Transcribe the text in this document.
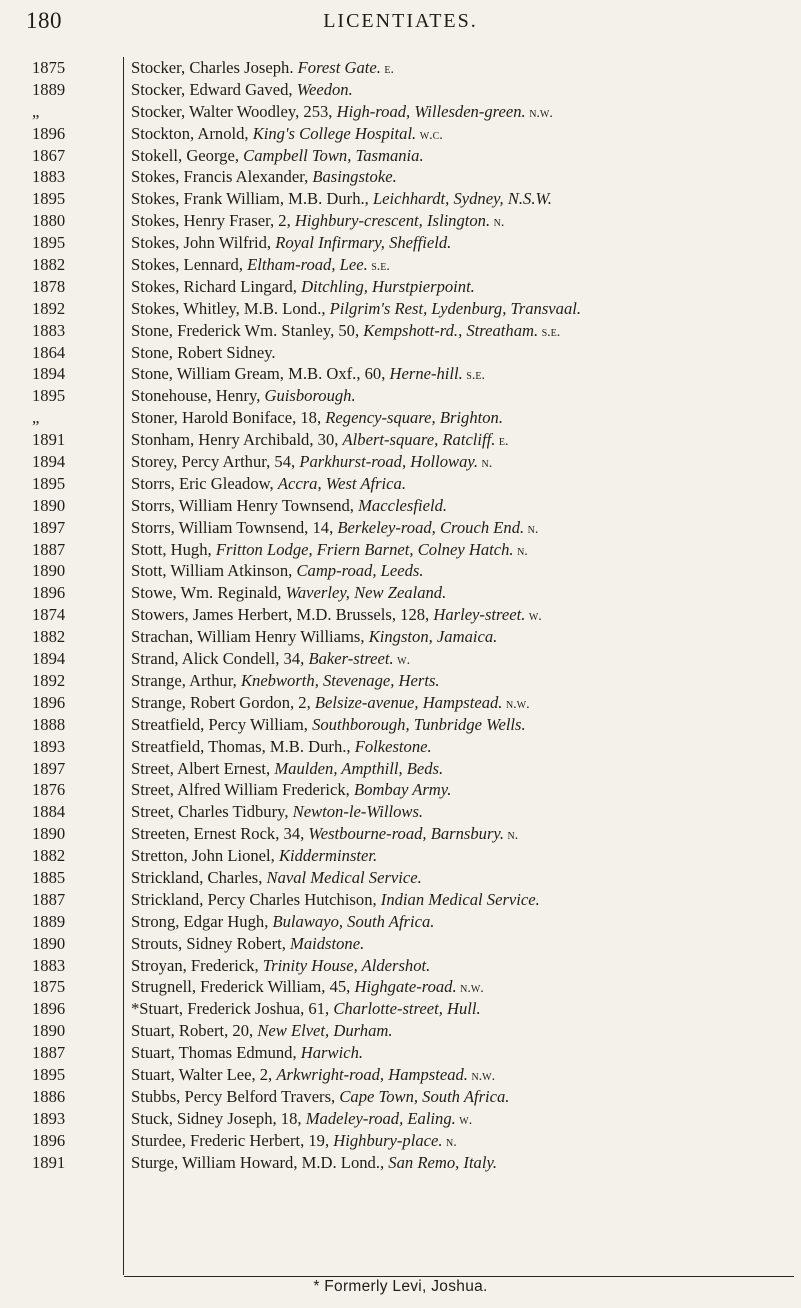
180	LICENTIATES.
1875	Stocker, Charles Joseph. Forest Gate. e.
1889	Stocker, Edward Gaved, Weedon.
„	Stocker, Walter Woodley, 253, High-road, Willesden-green. n.w.
1896	Stockton, Arnold, King's College Hospital. w.c.
1867	Stokell, George, Campbell Town, Tasmania.
1883	Stokes, Francis Alexander, Basingstoke.
1895	Stokes, Frank William, M.B. Durh., Leichhardt, Sydney, N.S.W.
1880	Stokes, Henry Fraser, 2, Highbury-crescent, Islington. n.
1895	Stokes, John Wilfrid, Royal Infirmary, Sheffield.
1882	Stokes, Lennard, Eltham-road, Lee. s.e.
1878	Stokes, Richard Lingard, Ditchling, Hurstpierpoint.
1892	Stokes, Whitley, M.B. Lond., Pilgrim's Rest, Lydenburg, Transvaal.
1883	Stone, Frederick Wm. Stanley, 50, Kempshott-rd., Streatham. s.e.
1864	Stone, Robert Sidney.
1894	Stone, William Gream, M.B. Oxf., 60, Herne-hill. s.e.
1895	Stonehouse, Henry, Guisborough.
„	Stoner, Harold Boniface, 18, Regency-square, Brighton.
1891	Stonham, Henry Archibald, 30, Albert-square, Ratcliff. e.
1894	Storey, Percy Arthur, 54, Parkhurst-road, Holloway. n.
1895	Storrs, Eric Gleadow, Accra, West Africa.
1890	Storrs, William Henry Townsend, Macclesfield.
1897	Storrs, William Townsend, 14, Berkeley-road, Crouch End. n.
1887	Stott, Hugh, Fritton Lodge, Friern Barnet, Colney Hatch. n.
1890	Stott, William Atkinson, Camp-road, Leeds.
1896	Stowe, Wm. Reginald, Waverley, New Zealand.
1874	Stowers, James Herbert, M.D. Brussels, 128, Harley-street. w.
1882	Strachan, William Henry Williams, Kingston, Jamaica.
1894	Strand, Alick Condell, 34, Baker-street. w.
1892	Strange, Arthur, Knebworth, Stevenage, Herts.
1896	Strange, Robert Gordon, 2, Belsize-avenue, Hampstead. n.w.
1888	Streatfield, Percy William, Southborough, Tunbridge Wells.
1893	Streatfield, Thomas, M.B. Durh., Folkestone.
1897	Street, Albert Ernest, Maulden, Ampthill, Beds.
1876	Street, Alfred William Frederick, Bombay Army.
1884	Street, Charles Tidbury, Newton-le-Willows.
1890	Streeten, Ernest Rock, 34, Westbourne-road, Barnsbury. n.
1882	Stretton, John Lionel, Kidderminster.
1885	Strickland, Charles, Naval Medical Service.
1887	Strickland, Percy Charles Hutchison, Indian Medical Service.
1889	Strong, Edgar Hugh, Bulawayo, South Africa.
1890	Strouts, Sidney Robert, Maidstone.
1883	Stroyan, Frederick, Trinity House, Aldershot.
1875	Strugnell, Frederick William, 45, Highgate-road. n.w.
1896	*Stuart, Frederick Joshua, 61, Charlotte-street, Hull.
1890	Stuart, Robert, 20, New Elvet, Durham.
1887	Stuart, Thomas Edmund, Harwich.
1895	Stuart, Walter Lee, 2, Arkwright-road, Hampstead. n.w.
1886	Stubbs, Percy Belford Travers, Cape Town, South Africa.
1893	Stuck, Sidney Joseph, 18, Madeley-road, Ealing. w.
1896	Sturdee, Frederic Herbert, 19, Highbury-place. n.
1891	Sturge, William Howard, M.D. Lond., San Remo, Italy.
* Formerly Levi, Joshua.
